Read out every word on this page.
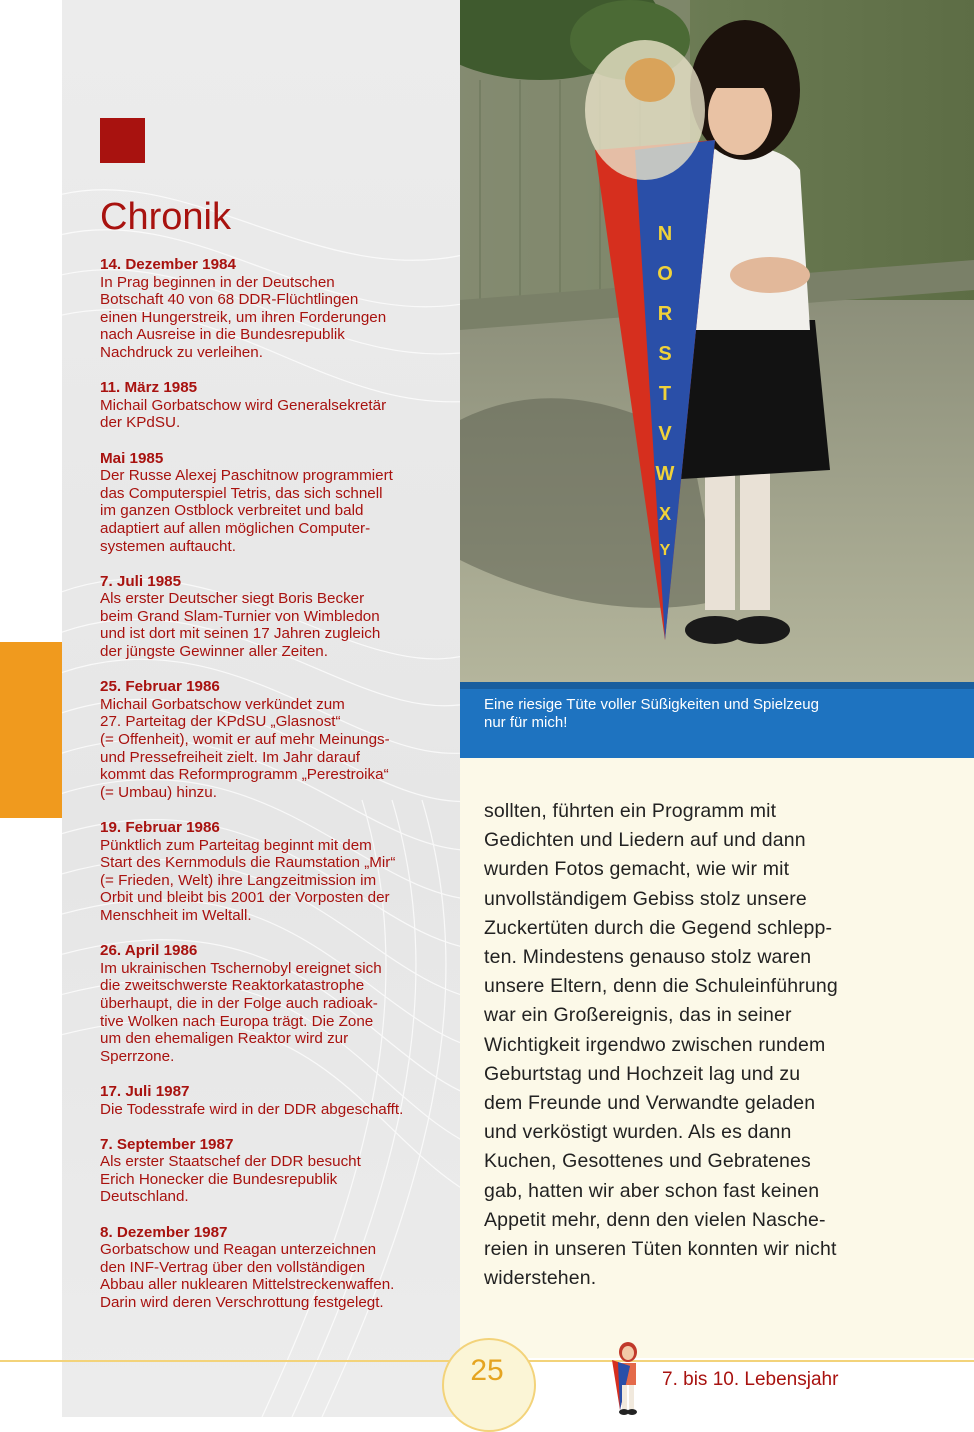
Chronik
14. Dezember 1984
In Prag beginnen in der Deutschen
Botschaft 40 von 68 DDR-Flüchtlingen
einen Hungerstreik, um ihren Forderungen
nach Ausreise in die Bundesrepublik
Nachdruck zu verleihen.
11. März 1985
Michail Gorbatschow wird Generalsekretär
der KPdSU.
Mai 1985
Der Russe Alexej Paschitnow programmiert
das Computerspiel Tetris, das sich schnell
im ganzen Ostblock verbreitet und bald
adaptiert auf allen möglichen Computer-
systemen auftaucht.
7. Juli 1985
Als erster Deutscher siegt Boris Becker
beim Grand Slam-Turnier von Wimbledon
und ist dort mit seinen 17 Jahren zugleich
der jüngste Gewinner aller Zeiten.
25. Februar 1986
Michail Gorbatschow verkündet zum
27. Parteitag der KPdSU „Glasnost“
(= Offenheit), womit er auf mehr Meinungs-
und Pressefreiheit zielt. Im Jahr darauf
kommt das Reformprogramm „Perestroika“
(= Umbau) hinzu.
19. Februar 1986
Pünktlich zum Parteitag beginnt mit dem
Start des Kernmoduls die Raumstation „Mir“
(= Frieden, Welt) ihre Langzeitmission im
Orbit und bleibt bis 2001 der Vorposten der
Menschheit im Weltall.
26. April 1986
Im ukrainischen Tschernobyl ereignet sich
die zweitschwerste Reaktorkatastrophe
überhaupt, die in der Folge auch radioak-
tive Wolken nach Europa trägt. Die Zone
um den ehemaligen Reaktor wird zur
Sperrzone.
17. Juli 1987
Die Todesstrafe wird in der DDR abgeschafft.
7. September 1987
Als erster Staatschef der DDR besucht
Erich Honecker die Bundesrepublik
Deutschland.
8. Dezember 1987
Gorbatschow und Reagan unterzeichnen
den INF-Vertrag über den vollständigen
Abbau aller nuklearen Mittelstreckenwaffen.
Darin wird deren Verschrottung festgelegt.
N
O
R
S
T
V
W
X
Y
Eine riesige Tüte voller Süßigkeiten und Spielzeug
nur für mich!
sollten, führten ein Programm mit
Gedichten und Liedern auf und dann
wurden Fotos gemacht, wie wir mit
unvollständigem Gebiss stolz unsere
Zuckertüten durch die Gegend schlepp-
ten. Mindestens genauso stolz waren
unsere Eltern, denn die Schuleinführung
war ein Großereignis, das in seiner
Wichtigkeit irgendwo zwischen rundem
Geburtstag und Hochzeit lag und zu
dem Freunde und Verwandte geladen
und verköstigt wurden. Als es dann
Kuchen, Gesottenes und Gebratenes
gab, hatten wir aber schon fast keinen
Appetit mehr, denn den vielen Nasche-
reien in unseren Tüten konnten wir nicht
widerstehen.
25	7. bis 10. Lebensjahr
